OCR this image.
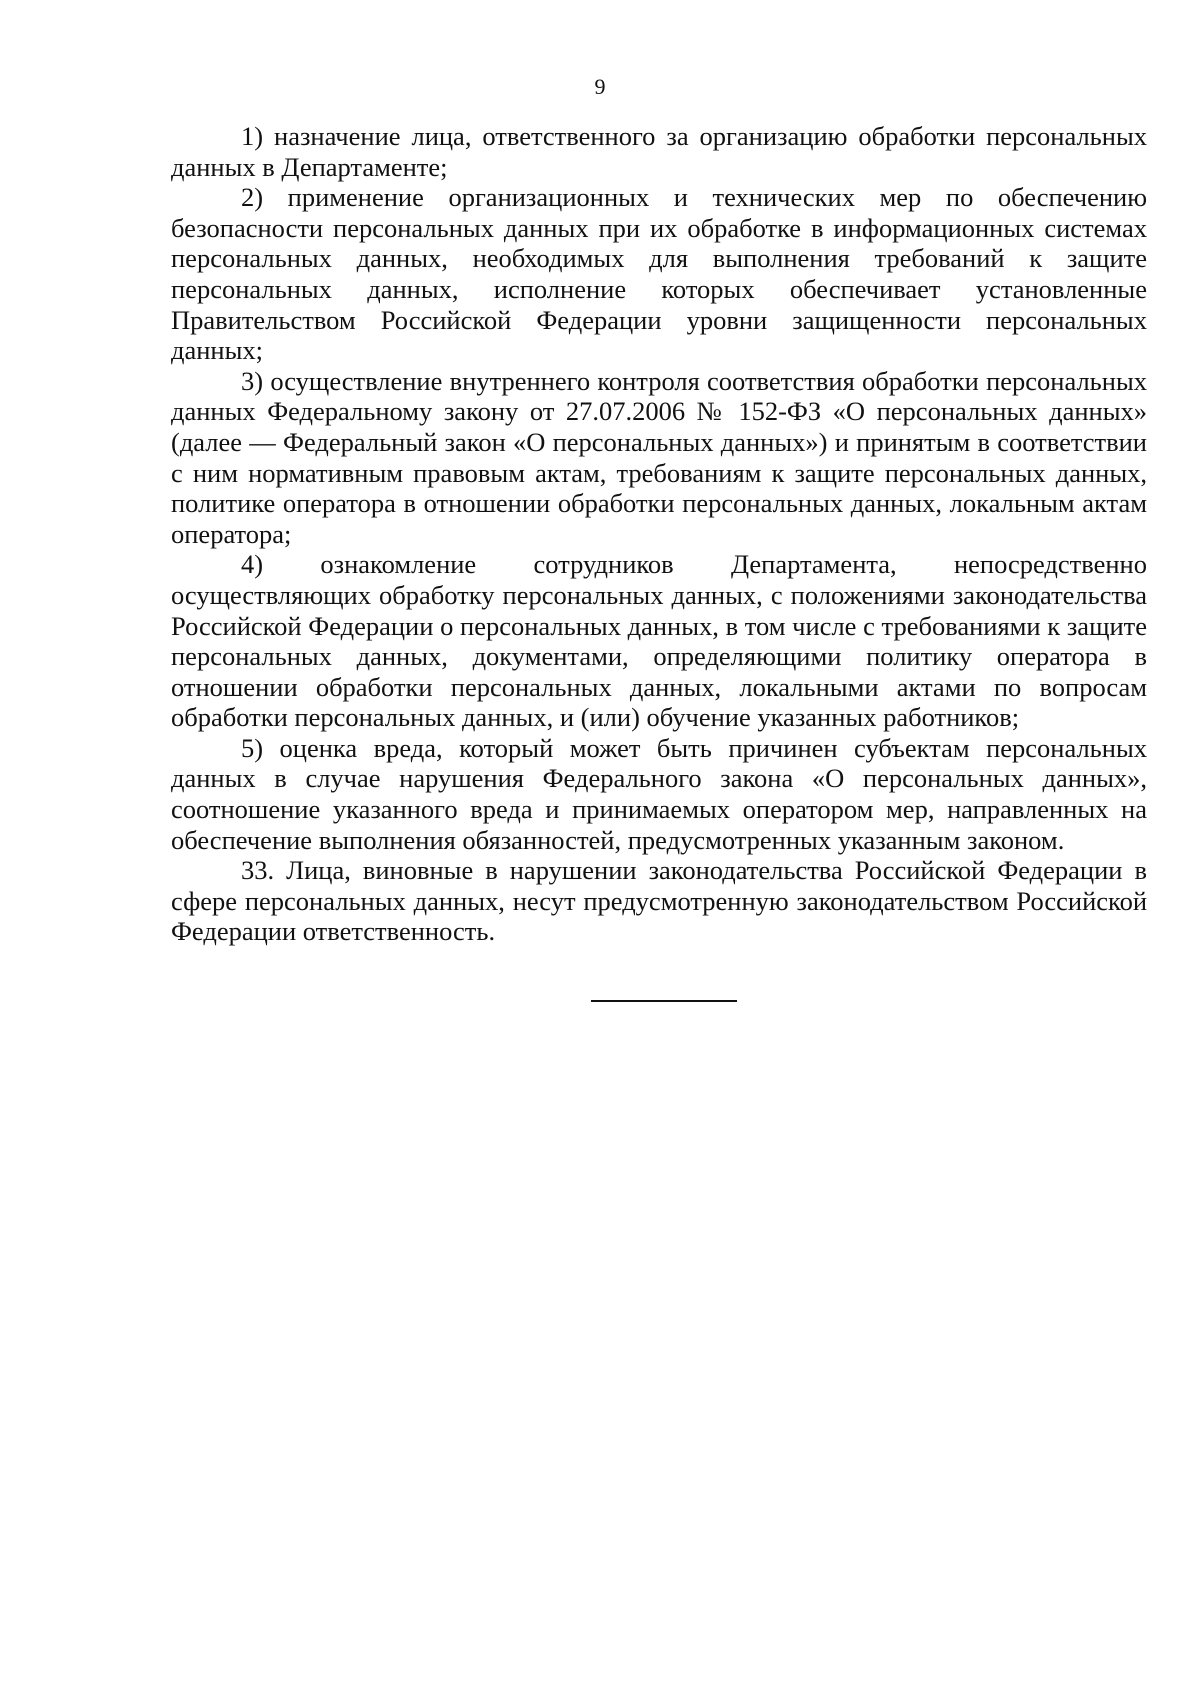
9

1) назначение лица, ответственного за организацию обработки персональных данных в Департаменте;

2) применение организационных и технических мер по обеспечению безопасности персональных данных при их обработке в информационных системах персональных данных, необходимых для выполнения требований к защите персональных данных, исполнение которых обеспечивает установленные Правительством Российской Федерации уровни защищенности персональных данных;

3) осуществление внутреннего контроля соответствия обработки персональных данных Федеральному закону от 27.07.2006 № 152-ФЗ «О персональных данных» (далее — Федеральный закон «О персональных данных») и принятым в соответствии с ним нормативным правовым актам, требованиям к защите персональных данных, политике оператора в отношении обработки персональных данных, локальным актам оператора;

4) ознакомление сотрудников Департамента, непосредственно осуществляющих обработку персональных данных, с положениями законодательства Российской Федерации о персональных данных, в том числе с требованиями к защите персональных данных, документами, определяющими политику оператора в отношении обработки персональных данных, локальными актами по вопросам обработки персональных данных, и (или) обучение указанных работников;

5) оценка вреда, который может быть причинен субъектам персональных данных в случае нарушения Федерального закона «О персональных данных», соотношение указанного вреда и принимаемых оператором мер, направленных на обеспечение выполнения обязанностей, предусмотренных указанным законом.

33. Лица, виновные в нарушении законодательства Российской Федерации в сфере персональных данных, несут предусмотренную законодательством Российской Федерации ответственность.
